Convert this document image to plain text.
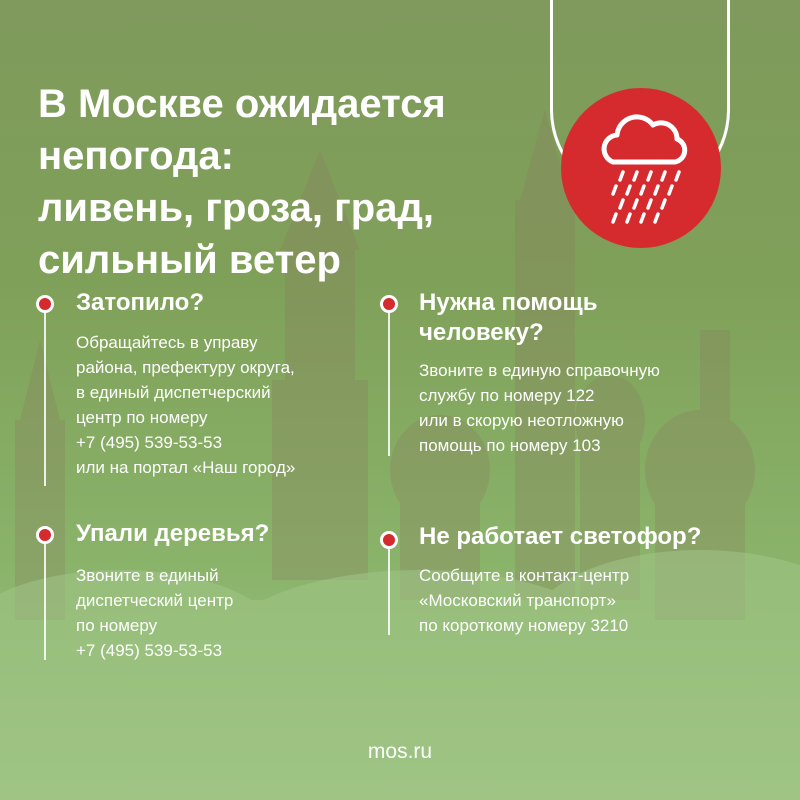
В Москве ожидается
непогода:
ливень, гроза, град,
сильный ветер
Затопило?
Обращайтесь в управу
района, префектуру округа,
в единый диспетчерский
центр по номеру
+7 (495) 539-53-53
или на портал «Наш город»
Нужна помощь
человеку?
Звоните в единую справочную
службу по номеру 122
или в скорую неотложную
помощь по номеру 103
Упали деревья?
Звоните в единый
диспетческий центр
по номеру
+7 (495) 539-53-53
Не работает светофор?
Сообщите в контакт-центр
«Московский транспорт»
по короткому номеру 3210
mos.ru
